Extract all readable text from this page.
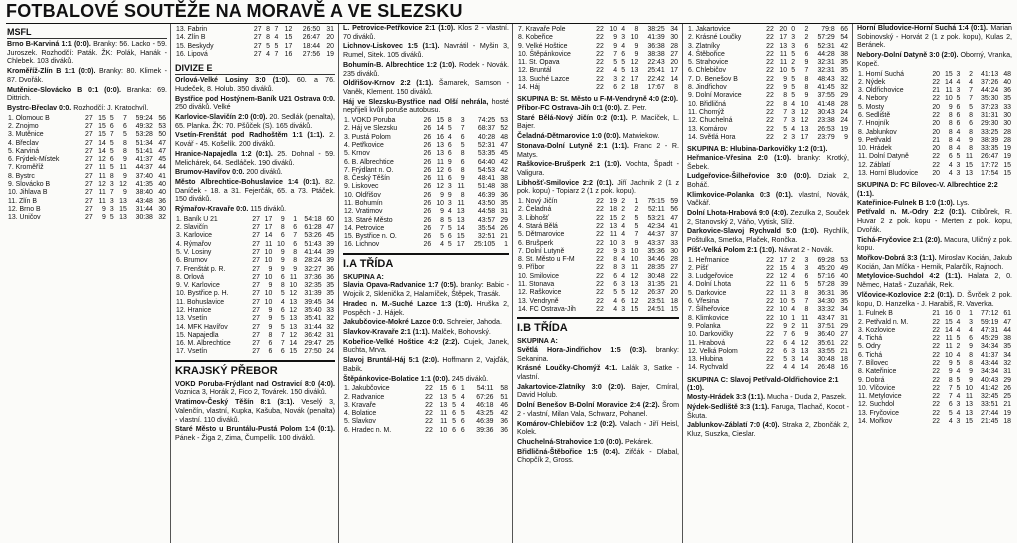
FOTBALOVÉ SOUTĚŽE NA MORAVĚ A VE SLEZSKU
MSFL
Brno B-Karviná 1:1 (0:0). Branky: 56. Lacko - 59. Juroszek. Rozhodčí: Paták. ŽK: Polák, Hanák - Chlebek. 103 diváků.
Kroměříž-Zlín B 1:1 (0:0). Branky: 80. Klimek - 87. Dvořák.
Mutěnice-Slovácko B 0:1 (0:0). Branka: 69. Dittrich.
Bystrc-Břeclav 0:0. Rozhodčí: J. Kratochvíl.
1. Olomouc B	27	15	5	7	59:24	56
2. Znojmo	27	15	6	6	49:32	53
3. Mutěnice	27	15	7	5	53:28	50
4. Břeclav	27	14	5	8	51:34	47
5. Karviná	27	14	5	8	51:41	47
6. Frýdek-Místek	27	12	6	9	41:37	45
7. Kroměříž	27	11	5	11	44:37	44
8. Bystrc	27	11	8	9	37:40	41
9. Slovácko B	27	12	3	12	41:35	40
10. Jihlava B	27	11	7	9	38:40	40
11. Zlín B	27	11	3	13	43:48	36
12. Brno B	27	9	3	15	31:44	30
13. Uničov	27	9	5	13	30:38	32
13. Fabrin	27	8	7	12	26:50	31
14. Zlín B	27	8	4	15	26:47	20
15. Beskydy	27	5	5	17	18:44	20
16. Lipová	27	4	7	16	27:56	19
DIVIZE E
Orlová-Velké Losiny 3:0 (1:0). 60. a 76. Hudeček, 8. Holub. 350 diváků.
Bystřice pod Hostýnem-Baník U21 Ostrava 0:0. 250 diváků. Velké
Karlovice-Slavičín 2:0 (0:0). 20. Sedlák (penalta), 65. Planka. ŽK: 70. Pšůček (S). 165 diváků.
Vsetín-Frenštát pod Radhoštěm 1:1 (1:1). 2. Kovář - 45. Košelík. 200 diváků.
Hranice-Napajedla 1:2 (0:1). 25. Dohnal - 59. Melichárek, 64. Sedláček. 190 diváků.
Brumov-Havířov 0:0. 200 diváků.
Město Albrechtice-Bohuslavice 1:4 (0:1). 82. Daníček - 18. a 31. Fejerčák, 65. a 73. Ptáček. 150 diváků.
Rýmařov-Kravaře 0:0. 115 diváků.
1. Baník U 21	27	17	9	1	54:18	60
2. Slavičín	27	17	8	6	61:28	47
3. Karlovice	27	14	6	7	53:26	45
4. Rýmařov	27	11	10	6	51:43	39
5. V. Losiny	27	10	9	8	41:44	39
6. Brumov	27	10	9	8	28:24	39
7. Frenštát p. R.	27	9	9	9	32:27	36
8. Orlová	27	10	6	11	37:36	36
9. V. Karlovice	27	9	8	10	32:35	35
10. Bystřice p. H.	27	10	5	12	31:39	35
11. Bohuslavice	27	10	4	13	39:45	34
12. Hranice	27	9	6	12	35:40	33
13. Vsetín	27	9	5	13	35:41	32
14. MFK Havířov	27	9	5	13	31:44	32
15. Napajedla	27	8	7	12	36:42	31
16. M. Albrechtice	27	6	7	14	29:47	25
17. Vsetín	27	6	6	15	27:50	24
KRAJSKÝ PŘEBOR
VOKD Poruba-Frýdlant nad Ostravicí 8:0 (4:0). Voznica 3, Horák 2, Fico 2, Továrek. 150 diváků.
Vratimov-Český Těšín 8:1 (3:1). Veselý 3, Valenčín, vlastní, Kupka, Kašuba, Novák (penalta) - vlastní. 110 diváků.
Staré Město u Bruntálu-Pustá Polom 1:4 (0:1). Pánek - Žiga 2, Zima, Čumpelík. 100 diváků.
L. Petrovice-Petřkovice 2:1 (1:0). Klos 2 - vlastní. 70 diváků.
Lichnov-Liskovec 1:5 (1:1). Navrátil - Myšin 3, Rumel, Sitek. 105 diváků.
Bohumín-B. Albrechtice 1:2 (1:0). Rodek - Novák. 235 diváků.
Oldřišov-Krnov 2:2 (1:1). Šamarek, Samson - Vaněk, Klement. 150 diváků.
Háj ve Slezsku-Bystřice nad Olší nehrála, hosté nepřijeli kvůli poruše autobusu.
1. VOKD Poruba	26	15	8	3	74:25	53
2. Háj ve Slezsku	26	14	5	7	68:37	52
3. Pustá Polom	26	16	4	6	40:28	48
4. Petřkovice	26	13	6	5	52:31	47
5. Krnov	26	13	6	8	53:35	45
6. B. Albrechtice	26	11	9	6	64:40	42
7. Frýdlant n. O.	26	12	6	8	54:53	42
8. Český Těšín	26	11	6	9	48:41	38
9. Liskovec	26	12	3	11	51:48	38
10. Oldřišov	26	9	9	8	46:39	36
11. Bohumín	26	10	3	11	43:50	35
12. Vratimov	26	9	4	13	44:58	31
13. Staré Město	26	8	5	13	43:57	29
14. Petrovice	26	7	5	14	35:54	26
15. Bystřice n. O.	26	5	6	15	32:51	21
16. Lichnov	26	4	5	17	25:105	1
I.A TŘÍDA
SKUPINA A:
Slavia Opava-Radvanice 1:7 (0:5). branky: Babic - Wojcik 2, Sklenička 2, Halamíček, Štěpek, Trasák.
Hradec n. M.-Suché Lazce 1:3 (1:0). Hruška 2, Pospěch - J. Hájek.
Jakubčovice-Mokré Lazce 0:0. Schreier, Jahoda.
Slavkov-Kravaře 2:1 (1:1). Malček, Bohovský.
Kobeřice-Velké Hoštice 4:2 (2:2). Cujek, Janek, Buchta, Mrva.
Slavoj Bruntál-Háj 5:1 (2:0). Hoffmann 2, Vajďák, Babik.
Štěpánkovice-Bolatice 1:1 (0:0). 245 diváků.
1. Jakubčovice	22	15	6	1	54:11	58
2. Radvanice	22	13	5	4	67:26	51
3. Kravaře	22	13	5	4	46:18	46
4. Bolatice	22	11	6	5	43:25	42
5. Slavkov	22	11	5	6	46:39	36
6. Hradec n. M.	22	10	6	6	39:36	36
7. Kravaře Pole	22	10	4	8	38:25	34
8. Kobeřice	22	9	3	10	41:39	30
9. Velké Hoštice	22	9	4	9	36:38	28
10. Štěpánkovice	22	7	6	9	38:38	27
11. St. Opava	22	5	5	12	22:43	20
12. Bruntál	22	4	5	13	25:41	17
13. Suché Lazce	22	3	2	17	22:42	14
14. Háj	22	6	2	18	17:67	8
SKUPINA B: St. Město u F-M-Vendryně 4:0 (2:0).
Příbor-FC Ostrava-Jih 0:1 (0:0). Z. Petr.
Staré Bělá-Nový Jičín 0:2 (0:1). P. Macíček, L. Bajer.
Čeladná-Dětmarovice 1:0 (0:0). Matwiekow.
Stonava-Dolní Lutyně 2:1 (1:1). Franc 2 - R. Matys.
Raškovice-Brušperk 2:1 (1:0). Vochta, Špadt - Valigura.
Libhošť-Smilovice 2:2 (0:1). Jiří Jachnik 2 (1 z pok. kopu) - Topiarz 2 (1 z pok. kopu).
1. Nový Jičín	22	19	2	1	75:15	59
2. Čeladná	22	18	2	2	52:11	56
3. Libhošť	22	15	2	5	53:21	47
4. Stará Bělá	22	13	4	5	42:34	41
5. Dětmarovice	22	11	4	7	44:37	37
6. Brušperk	22	10	3	9	43:37	33
7. Dolní Lutyně	22	9	3	10	35:36	30
8. St. Město u F-M	22	8	4	10	34:46	28
9. Příbor	22	8	3	11	28:35	27
10. Smilovice	22	6	4	12	30:48	22
11. Stonava	22	6	3	13	31:35	21
12. Raškovice	22	5	5	12	26:37	20
13. Vendryně	22	4	6	12	23:51	18
14. FC Ostrava-Jih	22	4	3	15	24:51	15
I.B TŘÍDA
SKUPINA A:
Světlá Hora-Jindřichov 1:5 (0:3). branky: Sekanina.
Krásné Loučky-Chomýž 4:1. Lalák 3, Satke - vlastní.
Jakartovice-Zlatníky 3:0 (2:0). Bajer, Cmíral, David Holub.
Dolní Benešov B-Dolní Moravice 2:4 (2:2). Šrom 2 - vlastní, Milan Vala, Schwarz, Pohanel.
Komárov-Chlebičov 1:2 (0:2). Valach - Jiří Heisl, Kolek.
Chuchelná-Strahovice 1:0 (0:0). Pekárek.
Břidličná-Štěbořice 1:5 (0:4). Zifčák - Dlabal, Chopčík 2, Gross.
1. Jakartovice	22	20	0	2	79:8	66
2. Krásné Loučky	22	17	3	2	57:29	54
3. Zlatníky	22	13	3	6	52:31	42
4. Štěbořice	22	11	5	6	44:28	38
5. Strahovice	22	11	2	9	32:31	35
6. Chlebičov	22	10	5	7	32:31	35
7. D. Benešov B	22	9	5	8	48:43	32
8. Jindřichov	22	9	5	8	41:45	32
9. Dolní Moravice	22	8	5	9	37:55	29
10. Břidličná	22	8	4	10	41:48	28
11. Chomýž	22	7	3	12	30:43	24
12. Chuchelná	22	7	3	12	23:38	24
13. Komárov	22	5	4	13	26:53	19
14. Světlá Hora	22	2	3	17	23:79	9
SKUPINA B: Hlubina-Darkovičky 1:2 (0:1).
Heřmanice-Vřesina 2:0 (1:0). branky: Krotký, Šebek.
Ludgeřovice-Šilheřovice 3:0 (0:0). Dziak 2, Boháč.
Klimkovice-Polanka 0:3 (0:1). vlastní, Novák, Vačkář.
Dolní Lhota-Hrabová 9:0 (4:0). Zezulka 2, Souček 2, Stanovský 2, Váňo, Vytisk, Slíž.
Darkovice-Slavoj Rychvald 5:0 (1:0). Rychlík, Poštulka, Smetka, Plaček, Rončka.
Píšť-Velká Polom 2:1 (1:0). Návrat 2 - Novák.
1. Heřmanice	22	17	2	3	69:28	53
2. Píšť	22	15	4	3	45:20	49
3. Ludgeřovice	22	12	4	6	57:16	40
4. Dolní Lhota	22	11	6	5	57:28	39
5. Darkovice	22	11	3	8	36:31	36
6. Vřesina	22	10	5	7	34:30	35
7. Šilheřovice	22	10	4	8	33:32	34
8. Klimkovice	22	10	1	11	43:47	31
9. Polanka	22	9	2	11	37:51	29
10. Darkovičky	22	7	6	9	36:40	27
11. Hrabová	22	6	4	12	35:61	22
12. Velká Polom	22	6	3	13	33:55	21
13. Hlubina	22	5	3	14	30:48	18
14. Rychvald	22	4	4	14	26:48	16
SKUPINA C: Slavoj Petřvald-Oldřichovice 2:1 (1:0).
Mosty-Hrádek 3:3 (1:1). Mucha - Duda 2, Paszek.
Nýdek-Sedliště 3:3 (1:1). Faruga, Tlachač, Kocot - Škuta.
Jablunkov-Záblatí 7:0 (4:0). Straka 2, Zbončák 2, Kluz, Suszka, Cieslar.
Horní Bludovice-Horní Suchá 1:4 (0:1). Marian Sobinovský - Horvát 2 (1 z pok. kopu), Kulas 2, Beránek.
Nebory-Dolní Datyně 3:0 (2:0). Oborný, Vranka, Kopeč.
1. Horní Suchá	20	15	3	2	41:13	48
2. Nýdek	22	14	4	4	37:26	40
3. Oldřichovice	21	11	3	7	44:24	36
4. Nebory	22	10	5	7	35:30	35
5. Mosty	20	9	6	5	37:23	33
6. Sedliště	22	8	6	8	31:31	30
7. Hnojník	20	8	6	6	29:30	30
8. Jablunkov	20	8	4	8	33:25	28
9. Petřvald	21	8	4	9	38:39	28
10. Hrádek	20	8	4	8	33:35	19
11. Dolní Datyně	22	6	5	11	26:47	19
12. Záblatí	22	4	3	15	17:72	15
13. Horní Bludovice	20	4	3	13	17:54	15
SKUPINA D: FC Bílovec-V. Albrechtice 2:2 (1:1).
Kateřinice-Fulnek B 1:0 (1:0). Lys.
Petřvald n. M.-Odry 2:2 (0:1). Ctibůrek, R. Huvar 2 z pok. kopu - Merten z pok. kopu, Dvořák.
Tichá-Fryčovice 2:1 (2:0). Macura, Uličný z pok. kopu.
Mořkov-Dobrá 3:3 (1:1). Miroslav Kocián, Jakub Kocián, Jan Míčka - Hernik, Palarčík, Rajnoch.
Metylovice-Suchdol 4:2 (1:1). Halata 2, 0. Němec, Hataš - Zuzaňák, Rek.
Vlčovice-Kozlovice 2:2 (0:1). D. Švrček 2 pok. kopu, D. Hanzelka - J. Harabiš, R. Vaverka.
1. Fulnek B	21	16	0	1	77:12	61
2. Petřvald n. M.	22	15	4	3	59:19	47
3. Kozlovice	22	14	4	4	47:31	44
4. Tichá	22	11	5	6	45:29	38
5. Odry	22	11	2	9	34:34	35
6. Tichá	22	10	4	8	41:37	34
7. Bílovec	22	9	5	8	43:44	32
8. Kateřinice	22	9	4	9	34:34	31
9. Dobrá	22	8	5	9	40:43	29
10. Vlčovice	22	7	5	10	41:42	26
11. Metylovice	22	7	4	11	32:45	25
12. Suchdol	22	6	3	13	33:51	21
13. Fryčovice	22	5	4	13	27:44	19
14. Mořkov	22	4	3	15	21:45	18
